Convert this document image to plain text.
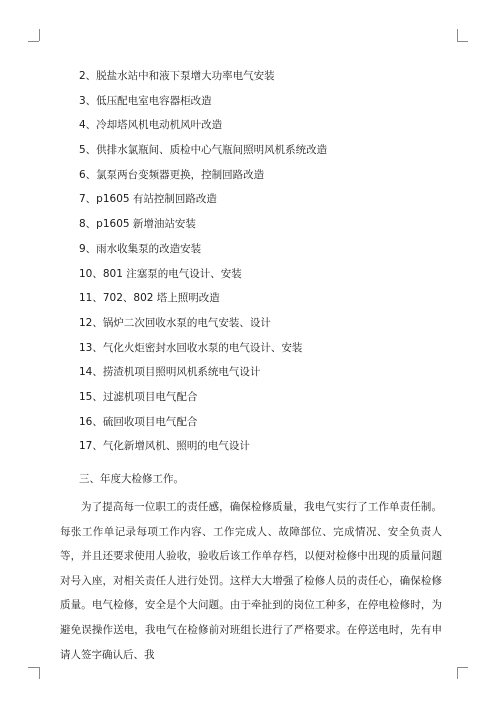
2、脱盐水站中和液下泵增大功率电气安装
3、低压配电室电容器柜改造
4、冷却塔风机电动机风叶改造
5、供排水氯瓶间、质检中心气瓶间照明风机系统改造
6、氯泵两台变频器更换，控制回路改造
7、p1605 有站控制回路改造
8、p1605 新增油站安装
9、雨水收集泵的改造安装
10、801 注塞泵的电气设计、安装
11、702、802 塔上照明改造
12、锅炉二次回收水泵的电气安装、设计
13、气化火炬密封水回收水泵的电气设计、安装
14、捞渣机项目照明风机系统电气设计
15、过滤机项目电气配合
16、硫回收项目电气配合
17、气化新增风机、照明的电气设计
三、年度大检修工作。

为了提高每一位职工的责任感，确保检修质量，我电气实行了工作单责任制。每张工作单记录每项工作内容、工作完成人、故障部位、完成情况、安全负责人等，并且还要求使用人验收，验收后该工作单存档，以便对检修中出现的质量问题对号入座，对相关责任人进行处罚。这样大大增强了检修人员的责任心，确保检修质量。电气检修，安全是个大问题。由于牵扯到的岗位工种多，在停电检修时，为避免误操作送电，我电气在检修前对班组长进行了严格要求。在停送电时，先有申请人签字确认后、我
